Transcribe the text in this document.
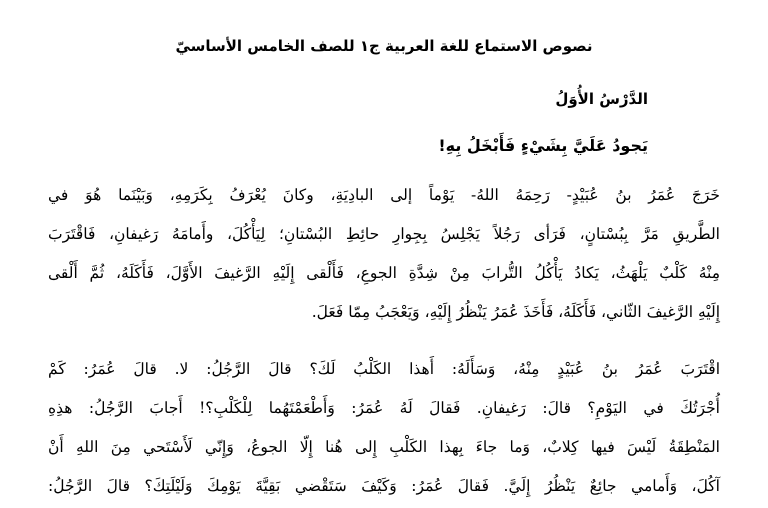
نصوص الاستماع للغة العربية ج١ للصف الخامس الأساسيّ
الدَّرْسُ الأُوَلُ
يَجودُ عَلَيَّ بِشَيْءٍ فَأَبْخَلُ بِهِ!
خَرَجَ عُمَرُ بنُ عُبَيْدٍ- رَحِمَهُ اللهُ- يَوْماً إلى البادِيَةِ، وكانَ يُعْرَفُ بِكَرَمِهِ، وَبَيْنَما هُوَ في
الطَّريقِ مَرَّ بِبُسْتانٍ، فَرَأى رَجُلاً يَجْلِسُ بِجِوارِ حائِطِ البُسْتانِ؛ لِيَأْكُلَ، وأَمامَهُ رَغيفانِ، فَاقْتَرَبَ
مِنْهُ كَلْبٌ يَلْهَثُ، يَكادُ يَأْكُلُ التُّرابَ مِنْ شِدَّةِ الجوعِ، فَأَلْقى إِلَيْهِ الرَّغيفَ الأَوَّلَ، فَأَكَلَهُ، ثُمَّ أَلْقى
إِلَيْهِ الرَّغيفَ الثّاني، فَأَكَلَهُ، فَأَخَذَ عُمَرُ يَنْظُرُ إِلَيْهِ، وَيَعْجَبُ مِمّا فَعَلَ.
اقْتَرَبَ عُمَرُ بنُ عُبَيْدٍ مِنْهُ، وَسَأَلَهُ: أَهذا الكَلْبُ لَكَ؟ قالَ الرَّجُلُ: لا. قالَ عُمَرُ: كَمْ
أُجْرَتُكَ في اليَوْمِ؟ قالَ: رَغيفانِ. فَقالَ لَهُ عُمَرُ: وَأَطْعَمْتَهُما لِلْكَلْبِ؟! أَجابَ الرَّجُلُ: هذِهِ
المَنْطِقَةُ لَيْسَ فيها كِلابٌ، وَما جاءَ بِهذا الكَلْبِ إِلى هُنا إِلّا الجوعُ، وَإِنّي لَأَسْتَحي مِنَ اللهِ أَنْ
آكُلَ، وَأَمامي جائِعٌ يَنْظُرُ إِلَيَّ. فَقالَ عُمَرُ: وَكَيْفَ سَتَقْضي بَقِيَّةَ يَوْمِكَ وَلَيْلَتِكَ؟ قالَ الرَّجُلُ:
